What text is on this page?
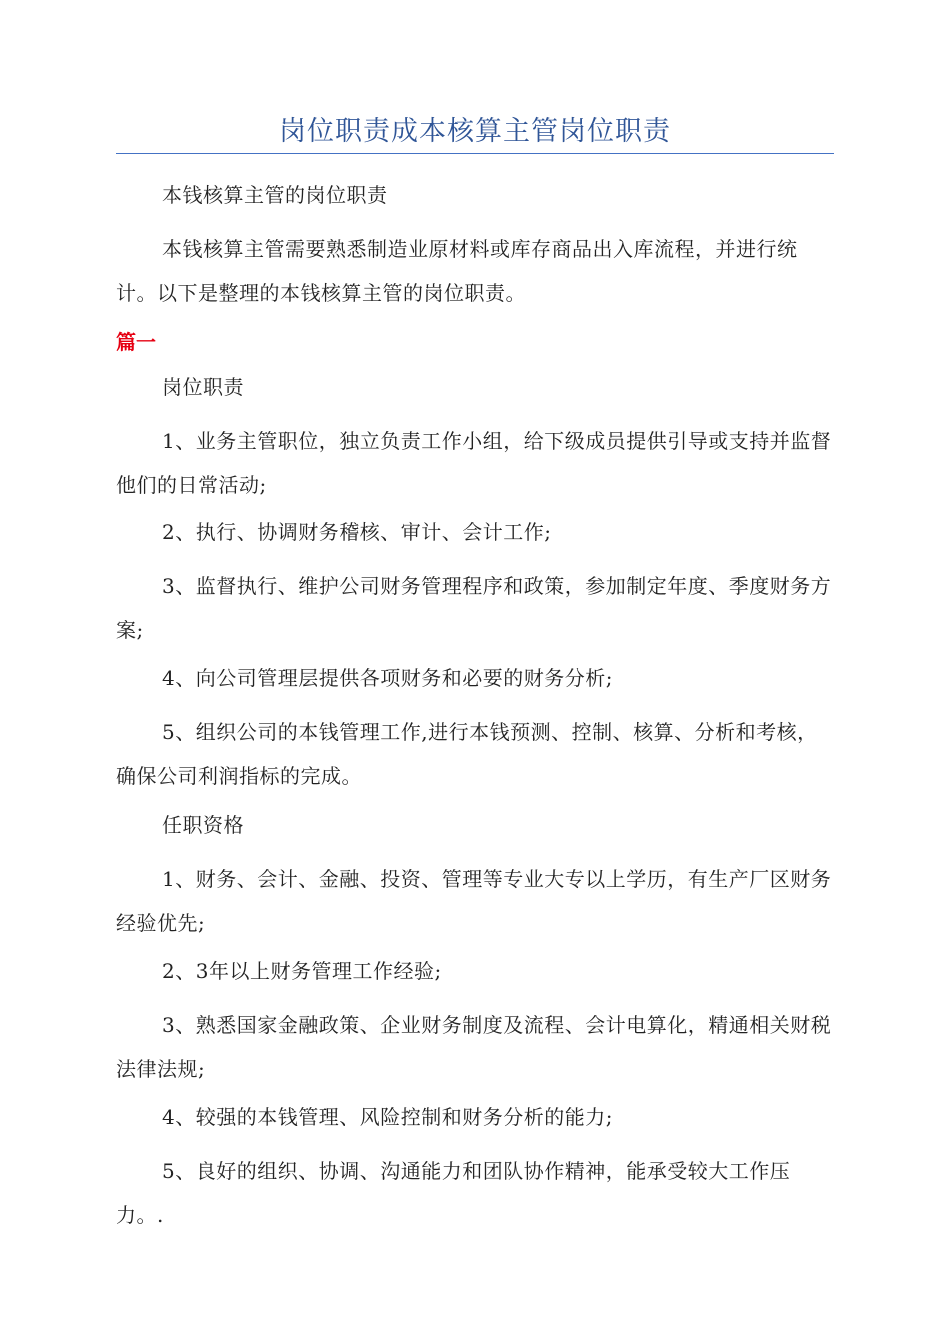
岗位职责成本核算主管岗位职责

本钱核算主管的岗位职责

本钱核算主管需要熟悉制造业原材料或库存商品出入库流程，并进行统计。以下是整理的本钱核算主管的岗位职责。

篇一

岗位职责

1、业务主管职位，独立负责工作小组，给下级成员提供引导或支持并监督他们的日常活动;

2、执行、协调财务稽核、审计、会计工作;

3、监督执行、维护公司财务管理程序和政策，参加制定年度、季度财务方案;

4、向公司管理层提供各项财务和必要的财务分析;

5、组织公司的本钱管理工作,进行本钱预测、控制、核算、分析和考核，确保公司利润指标的完成。

任职资格

1、财务、会计、金融、投资、管理等专业大专以上学历，有生产厂区财务经验优先;

2、3年以上财务管理工作经验;

3、熟悉国家金融政策、企业财务制度及流程、会计电算化，精通相关财税法律法规;

4、较强的本钱管理、风险控制和财务分析的能力;

5、良好的组织、协调、沟通能力和团队协作精神，能承受较大工作压力。.
